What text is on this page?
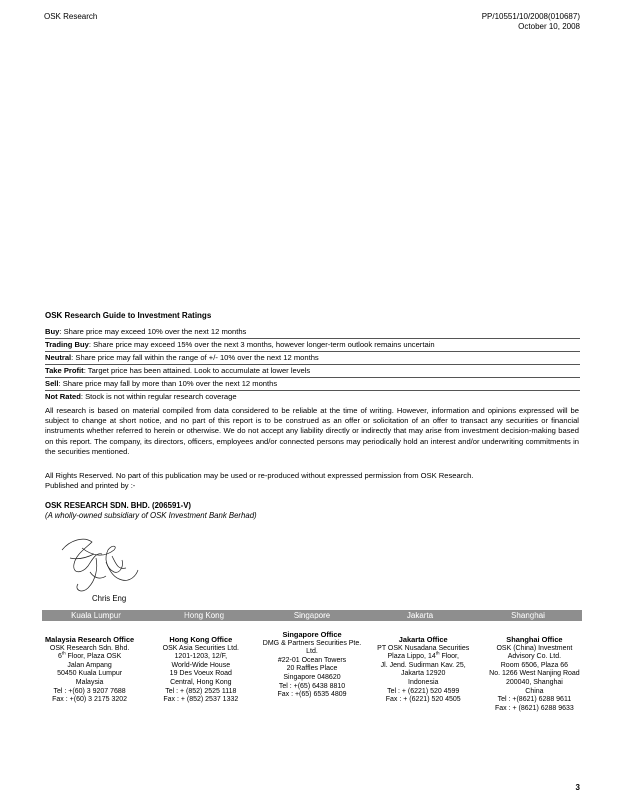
OSK Research	PP/10551/10/2008(010687)
October 10, 2008
OSK Research Guide to Investment Ratings
Buy: Share price may exceed 10% over the next 12 months
Trading Buy: Share price may exceed 15% over the next 3 months, however longer-term outlook remains uncertain
Neutral: Share price may fall within the range of +/- 10% over the next 12 months
Take Profit: Target price has been attained. Look to accumulate at lower levels
Sell: Share price may fall by more than 10% over the next 12 months
Not Rated: Stock is not within regular research coverage
All research is based on material compiled from data considered to be reliable at the time of writing. However, information and opinions expressed will be subject to change at short notice, and no part of this report is to be construed as an offer or solicitation of an offer to transact any securities or financial instruments whether referred to herein or otherwise. We do not accept any liability directly or indirectly that may arise from investment decision-making based on this report. The company, its directors, officers, employees and/or connected persons may periodically hold an interest and/or underwriting commitments in the securities mentioned.
All Rights Reserved. No part of this publication may be used or re-produced without expressed permission from OSK Research.
Published and printed by :-
OSK RESEARCH SDN. BHD. (206591-V)
(A wholly-owned subsidiary of OSK Investment Bank Berhad)
Chris Eng
Kuala Lumpur	Hong Kong	Singapore	Jakarta	Shanghai
Malaysia Research Office
OSK Research Sdn. Bhd.
6th Floor, Plaza OSK
Jalan Ampang
50450 Kuala Lumpur
Malaysia
Tel : +(60) 3 9207 7688
Fax : +(60) 3 2175 3202
Hong Kong Office
OSK Asia Securities Ltd.
1201-1203, 12/F,
World-Wide House
19 Des Voeux Road
Central, Hong Kong
Tel : + (852) 2525 1118
Fax : + (852) 2537 1332
Singapore Office
DMG & Partners Securities Pte. Ltd.
#22-01 Ocean Towers
20 Raffles Place
Singapore 048620
Tel : +(65) 6438 8810
Fax : +(65) 6535 4809
Jakarta Office
PT OSK Nusadana Securities
Plaza Lippo, 14th Floor,
Jl. Jend. Sudirman Kav. 25,
Jakarta 12920
Indonesia
Tel : + (6221) 520 4599
Fax : + (6221) 520 4505
Shanghai Office
OSK (China) Investment
Advisory Co. Ltd.
Room 6506, Plaza 66
No. 1266 West Nanjing Road
200040, Shanghai
China
Tel : +(8621) 6288 9611
Fax : + (8621) 6288 9633
3
